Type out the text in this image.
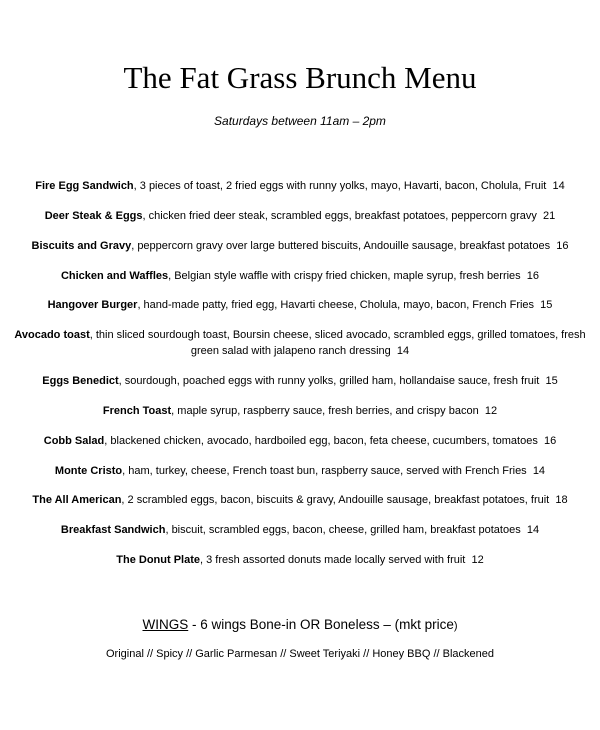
The Fat Grass Brunch Menu
Saturdays between 11am – 2pm
Fire Egg Sandwich, 3 pieces of toast, 2 fried eggs with runny yolks, mayo, Havarti, bacon, Cholula, Fruit 14
Deer Steak & Eggs, chicken fried deer steak, scrambled eggs, breakfast potatoes, peppercorn gravy 21
Biscuits and Gravy, peppercorn gravy over large buttered biscuits, Andouille sausage, breakfast potatoes 16
Chicken and Waffles, Belgian style waffle with crispy fried chicken, maple syrup, fresh berries 16
Hangover Burger, hand-made patty, fried egg, Havarti cheese, Cholula, mayo, bacon, French Fries 15
Avocado toast, thin sliced sourdough toast, Boursin cheese, sliced avocado, scrambled eggs, grilled tomatoes, fresh green salad with jalapeno ranch dressing 14
Eggs Benedict, sourdough, poached eggs with runny yolks, grilled ham, hollandaise sauce, fresh fruit 15
French Toast, maple syrup, raspberry sauce, fresh berries, and crispy bacon 12
Cobb Salad, blackened chicken, avocado, hardboiled egg, bacon, feta cheese, cucumbers, tomatoes 16
Monte Cristo, ham, turkey, cheese, French toast bun, raspberry sauce, served with French Fries 14
The All American, 2 scrambled eggs, bacon, biscuits & gravy, Andouille sausage, breakfast potatoes, fruit 18
Breakfast Sandwich, biscuit, scrambled eggs, bacon, cheese, grilled ham, breakfast potatoes 14
The Donut Plate, 3 fresh assorted donuts made locally served with fruit 12
WINGS - 6 wings Bone-in OR Boneless – (mkt price)
Original // Spicy // Garlic Parmesan // Sweet Teriyaki // Honey BBQ // Blackened
